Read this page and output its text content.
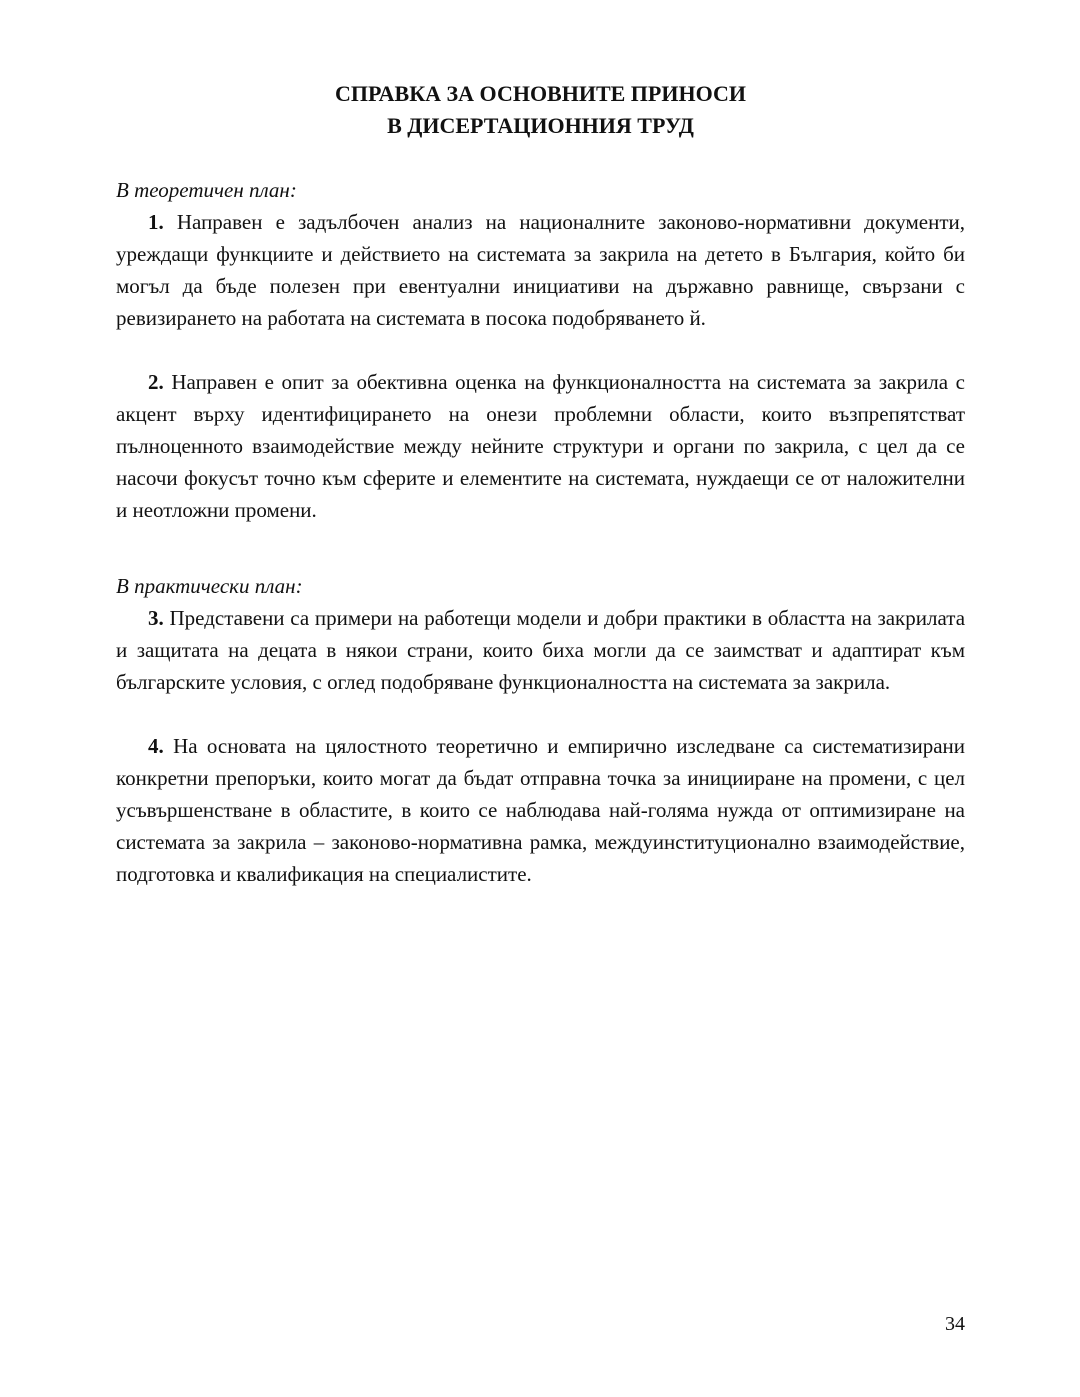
СПРАВКА ЗА ОСНОВНИТЕ ПРИНОСИ
В ДИСЕРТАЦИОННИЯ ТРУД

В теоретичен план:

1. Направен е задълбочен анализ на националните законово-нормативни документи, уреждащи функциите и действието на системата за закрила на детето в България, който би могъл да бъде полезен при евентуални инициативи на държавно равнище, свързани с ревизирането на работата на системата в посока подобряването й.

2. Направен е опит за обективна оценка на функционалността на системата за закрила с акцент върху идентифицирането на онези проблемни области, които възпрепятстват пълноценното взаимодействие между нейните структури и органи по закрила, с цел да се насочи фокусът точно към сферите и елементите на системата, нуждаещи се от наложителни и неотложни промени.

В практически план:

3. Представени са примери на работещи модели и добри практики в областта на закрилата и защитата на децата в някои страни, които биха могли да се заимстват и адаптират към българските условия, с оглед подобряване функционалността на системата за закрила.

4. На основата на цялостното теоретично и емпирично изследване са систематизирани конкретни препоръки, които могат да бъдат отправна точка за иницииране на промени, с цел усъвършенстване в областите, в които се наблюдава най-голяма нужда от оптимизиране на системата за закрила – законово-нормативна рамка, междуинституционално взаимодействие, подготовка и квалификация на специалистите.

34
